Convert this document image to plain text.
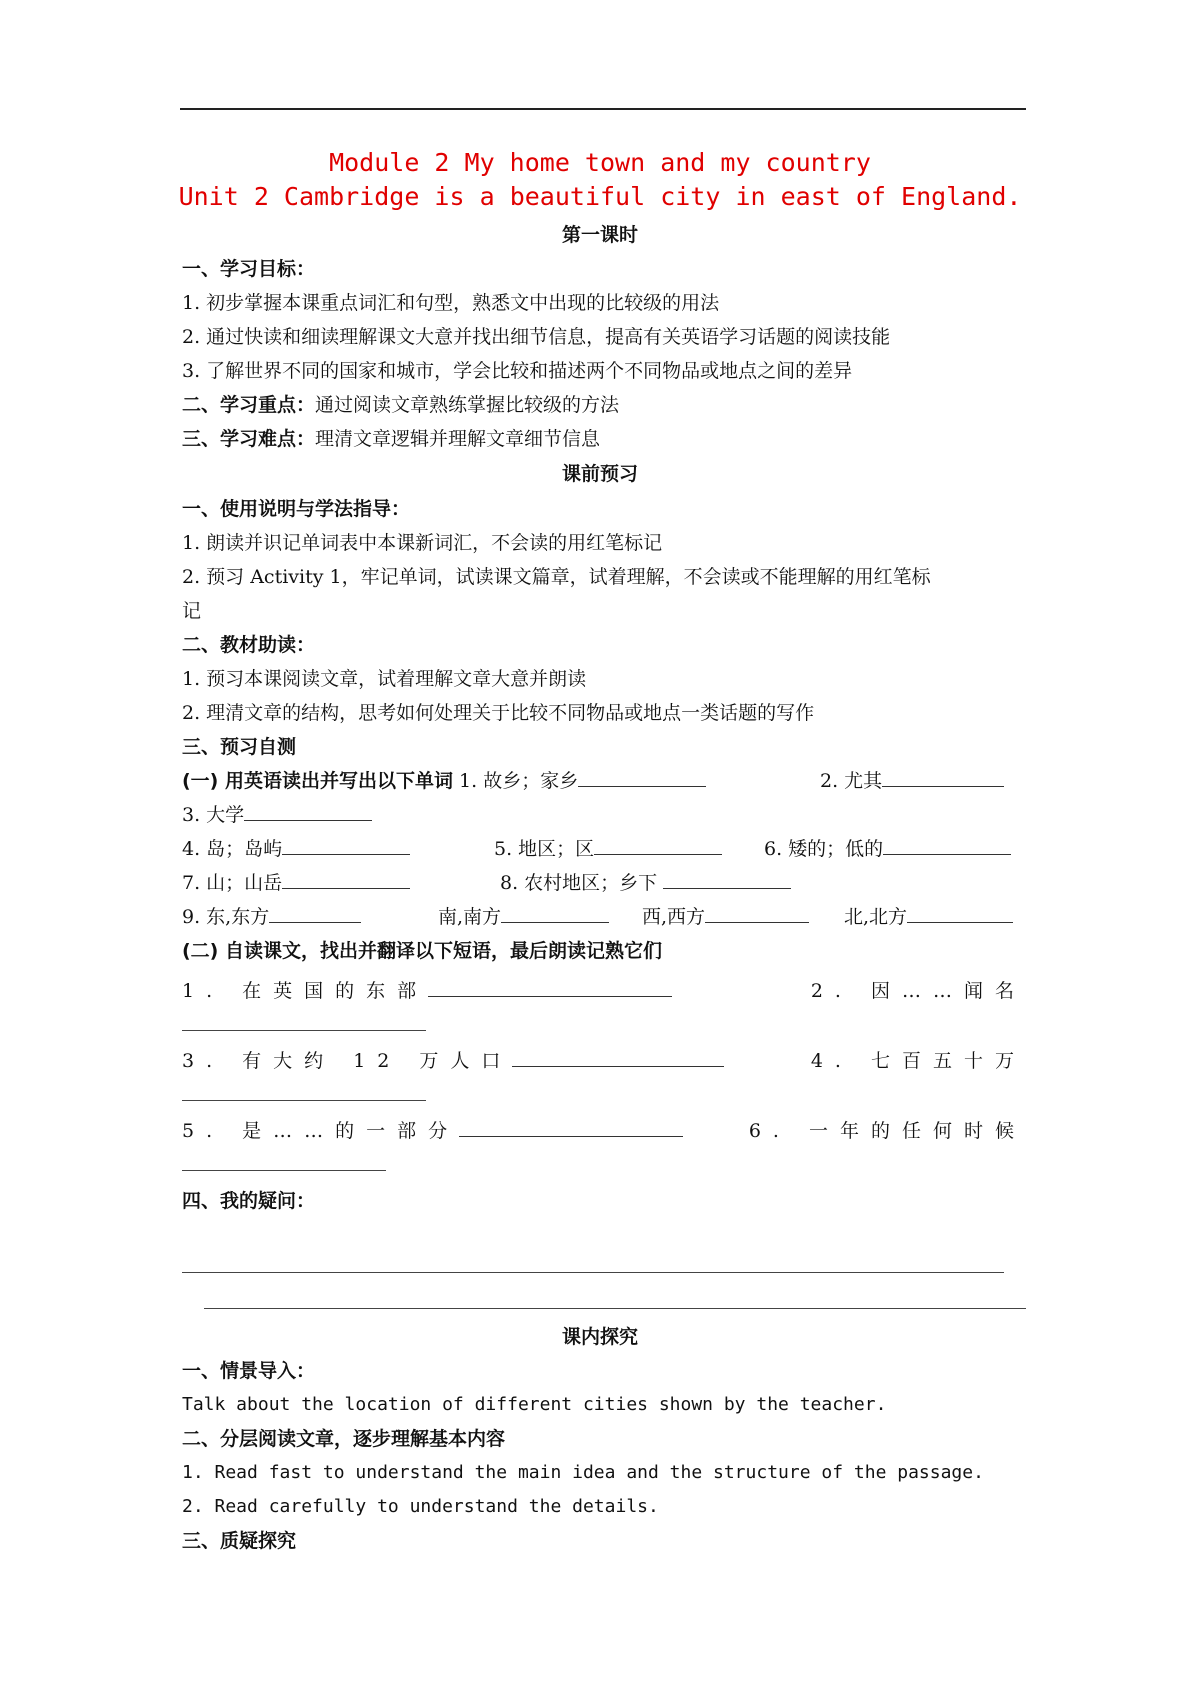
Module 2 My home town and my country
Unit 2 Cambridge is a beautiful city in east of England.
第一课时
一、学习目标：
1. 初步掌握本课重点词汇和句型，熟悉文中出现的比较级的用法
2. 通过快读和细读理解课文大意并找出细节信息，提高有关英语学习话题的阅读技能
3. 了解世界不同的国家和城市，学会比较和描述两个不同物品或地点之间的差异
二、学习重点：通过阅读文章熟练掌握比较级的方法
三、学习难点：理清文章逻辑并理解文章细节信息
课前预习
一、使用说明与学法指导：
1. 朗读并识记单词表中本课新词汇，不会读的用红笔标记
2. 预习 Activity 1，牢记单词，试读课文篇章，试着理解，不会读或不能理解的用红笔标
记
二、教材助读：
1. 预习本课阅读文章，试着理解文章大意并朗读
2. 理清文章的结构，思考如何处理关于比较不同物品或地点一类话题的写作
三、预习自测
(一) 用英语读出并写出以下单词 1. 故乡；家乡	2. 尤其
3. 大学
4. 岛；岛屿	5. 地区；区	6. 矮的；低的
7. 山；山岳	8. 农村地区；乡下
9. 东,东方	南,南方	西,西方	北,北方
(二) 自读课文，找出并翻译以下短语，最后朗读记熟它们
1. 在英国的东部	2. 因……闻名
3. 有大约 12 万人口	4. 七百五十万
5. 是……的一部分	6. 一年的任何时候
四、我的疑问：
课内探究
一、情景导入：
Talk about the location of different cities shown by the teacher.
二、分层阅读文章，逐步理解基本内容
1. Read fast to understand the main idea and the structure of the passage.
2. Read carefully to understand the details.
三、质疑探究
